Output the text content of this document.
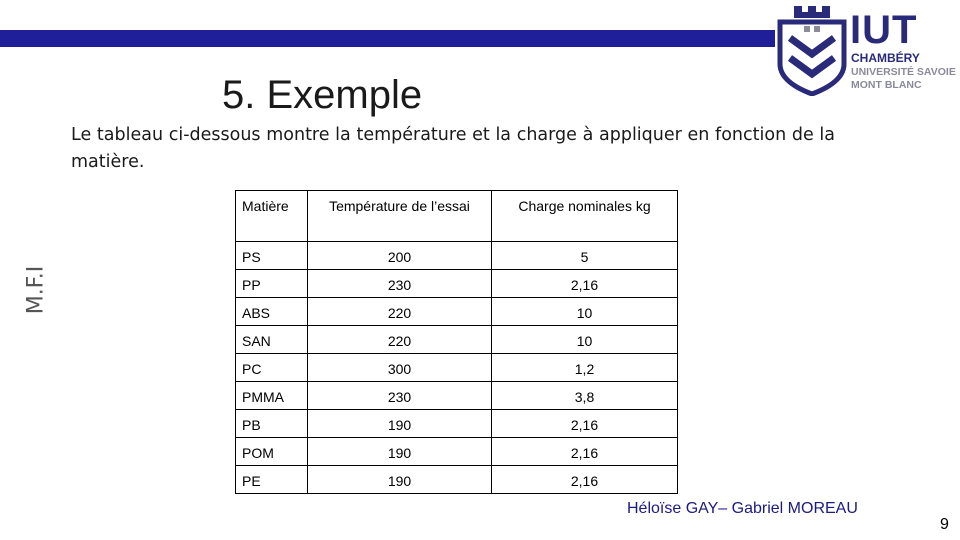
IUT
CHAMBÉRY
UNIVERSITÉ SAVOIE
MONT BLANC
5. Exemple
Le tableau ci-dessous montre la température et la charge à appliquer en fonction de la matière.
M.F.I
Matière	Température de l’essai	Charge nominales kg
PS	200	5
PP	230	2,16
ABS	220	10
SAN	220	10
PC	300	1,2
PMMA	230	3,8
PB	190	2,16
POM	190	2,16
PE	190	2,16
Héloïse GAY– Gabriel MOREAU
9
